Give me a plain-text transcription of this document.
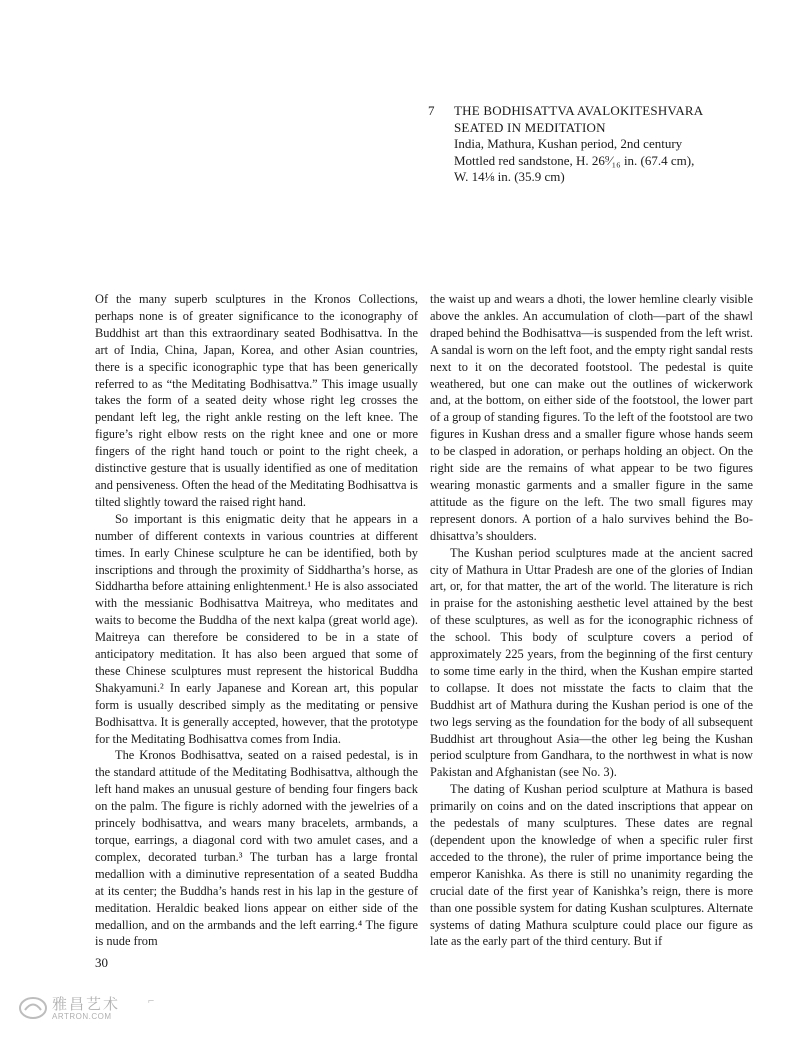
7 THE BODHISATTVA AVALOKITESHVARA
SEATED IN MEDITATION
India, Mathura, Kushan period, 2nd century
Mottled red sandstone, H. 26⁹⁄₁₆ in. (67.4 cm),
W. 14⅛ in. (35.9 cm)

Of the many superb sculptures in the Kronos Collections, perhaps none is of greater significance to the iconography of Buddhist art than this extraordinary seated Bodhisattva. In the art of India, China, Japan, Korea, and other Asian countries, there is a specific iconographic type that has been generically referred to as “the Meditating Bodhisattva.” This image usually takes the form of a seated deity whose right leg crosses the pendant left leg, the right ankle resting on the left knee. The figure’s right elbow rests on the right knee and one or more fingers of the right hand touch or point to the right cheek, a distinctive gesture that is usually identified as one of meditation and pensiveness. Often the head of the Meditating Bodhisattva is tilted slightly toward the raised right hand.

So important is this enigmatic deity that he appears in a number of different contexts in various countries at different times. In early Chinese sculpture he can be identified, both by inscriptions and through the proximity of Siddhartha’s horse, as Siddhartha before attaining enlightenment.¹ He is also associated with the messianic Bodhisattva Maitreya, who meditates and waits to become the Buddha of the next kalpa (great world age). Maitreya can therefore be considered to be in a state of anticipatory meditation. It has also been argued that some of these Chinese sculptures must represent the historical Buddha Shakyamuni.² In early Japanese and Korean art, this popular form is usually described simply as the meditating or pensive Bodhisattva. It is generally accepted, however, that the prototype for the Meditating Bodhisattva comes from India.

The Kronos Bodhisattva, seated on a raised pedestal, is in the standard attitude of the Meditating Bodhisattva, although the left hand makes an unusual gesture of bending four fingers back on the palm. The figure is richly adorned with the jewelries of a princely bodhisattva, and wears many bracelets, armbands, a torque, earrings, a diagonal cord with two amulet cases, and a complex, decorated turban.³ The turban has a large frontal medallion with a diminutive representation of a seated Buddha at its center; the Buddha’s hands rest in his lap in the gesture of meditation. Heraldic beaked lions appear on either side of the medallion, and on the armbands and the left earring.⁴ The figure is nude from

the waist up and wears a dhoti, the lower hemline clearly visible above the ankles. An accumulation of cloth—part of the shawl draped behind the Bodhisattva—is suspended from the left wrist. A sandal is worn on the left foot, and the empty right sandal rests next to it on the decorated footstool. The pedestal is quite weathered, but one can make out the outlines of wickerwork and, at the bottom, on either side of the footstool, the lower part of a group of standing figures. To the left of the footstool are two figures in Kushan dress and a smaller figure whose hands seem to be clasped in adoration, or perhaps holding an object. On the right side are the remains of what appear to be two figures wearing monastic garments and a smaller figure in the same attitude as the figure on the left. The two small figures may represent donors. A portion of a halo survives behind the Bodhisattva’s shoulders.

The Kushan period sculptures made at the ancient sacred city of Mathura in Uttar Pradesh are one of the glories of Indian art, or, for that matter, the art of the world. The literature is rich in praise for the astonishing aesthetic level attained by the best of these sculptures, as well as for the iconographic richness of the school. This body of sculpture covers a period of approximately 225 years, from the beginning of the first century to some time early in the third, when the Kushan empire started to collapse. It does not misstate the facts to claim that the Buddhist art of Mathura during the Kushan period is one of the two legs serving as the foundation for the body of all subsequent Buddhist art throughout Asia—the other leg being the Kushan period sculpture from Gandhara, to the northwest in what is now Pakistan and Afghanistan (see No. 3).

The dating of Kushan period sculpture at Mathura is based primarily on coins and on the dated inscriptions that appear on the pedestals of many sculptures. These dates are regnal (dependent upon the knowledge of when a specific ruler first acceded to the throne), the ruler of prime importance being the emperor Kanishka. As there is still no unanimity regarding the crucial date of the first year of Kanishka’s reign, there is more than one possible system for dating Kushan sculptures. Alternate systems of dating Mathura sculpture could place our figure as late as the early part of the third century. But if

30
雅昌艺术
ARTRON.COM
⌐
